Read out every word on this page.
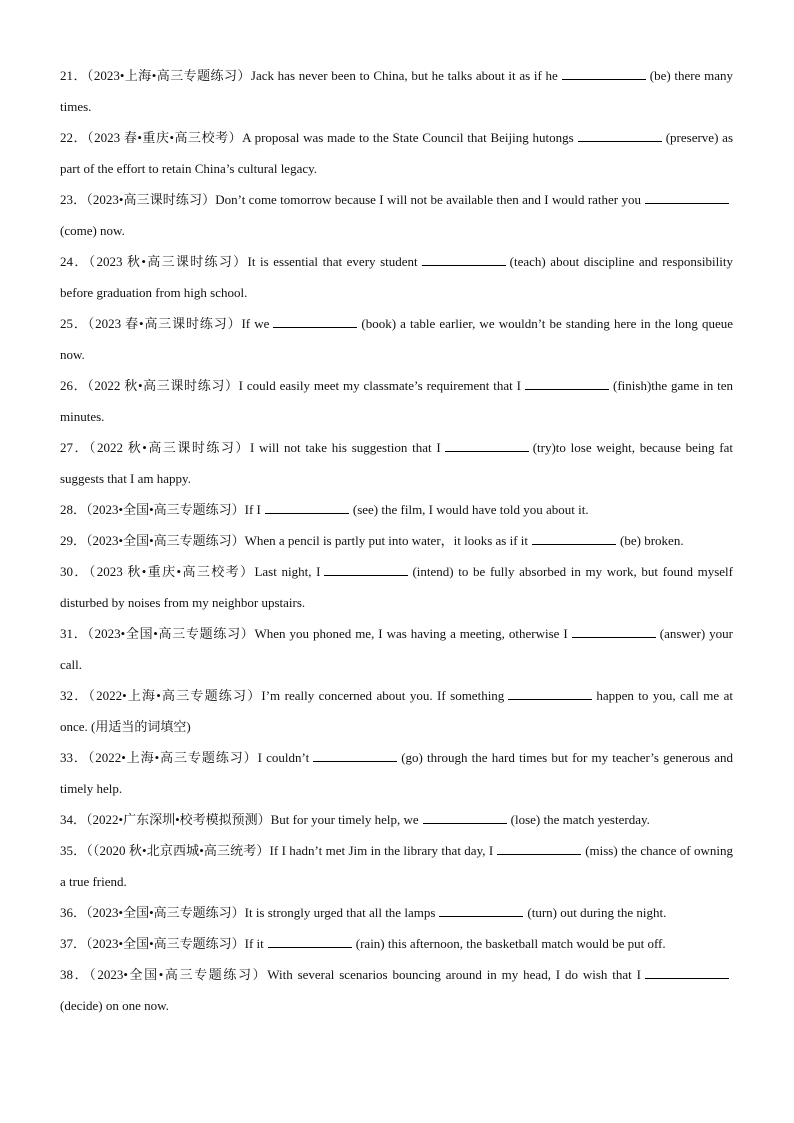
21．（2023•上海•高三专题练习）Jack has never been to China, but he talks about it as if he	(be) there many times.

22．（2023 春•重庆•高三校考）A proposal was made to the State Council that Beijing hutongs	(preserve) as part of the effort to retain China’s cultural legacy.

23．（2023•高三课时练习）Don’t come tomorrow because I will not be available then and I would rather you(come) now.

24．（2023 秋•高三课时练习）It is essential that every student	(teach) about discipline and responsibility before graduation from high school.

25．（2023 春•高三课时练习）If we	(book) a table earlier, we wouldn’t be standing here in the long queue now.

26．（2022 秋•高三课时练习）I could easily meet my classmate’s requirement that I	(finish)the game in ten minutes.

27．（2022 秋•高三课时练习）I will not take his suggestion that I	(try)to lose weight, because being fat suggests that I am happy.

28．（2023•全国•高三专题练习）If I	(see) the film, I would have told you about it.

29．（2023•全国•高三专题练习）When a pencil is partly put into water，it looks as if it	(be) broken.

30．（2023 秋•重庆•高三校考）Last night, I	(intend) to be fully absorbed in my work, but found myself disturbed by noises from my neighbor upstairs.

31．（2023•全国•高三专题练习）When you phoned me, I was having a meeting, otherwise I	(answer) your call.

32．（2022•上海•高三专题练习）I’m really concerned about you. If something	happen to you, call me at once. (用适当的词填空)

33．（2022•上海•高三专题练习）I couldn’t	(go) through the hard times but for my teacher’s generous and timely help.

34．（2022•广东深圳•校考模拟预测）But for your timely help, we	(lose) the match yesterday.

35．（（2020 秋•北京西城•高三统考）If I hadn’t met Jim in the library that day, I	(miss) the chance of owning a true friend.

36．（2023•全国•高三专题练习）It is strongly urged that all the lamps	(turn) out during the night.

37．（2023•全国•高三专题练习）If it	(rain) this afternoon, the basketball match would be put off.

38．（2023•全国•高三专题练习）With several scenarios bouncing around in my head, I do wish that I(decide) on one now.
